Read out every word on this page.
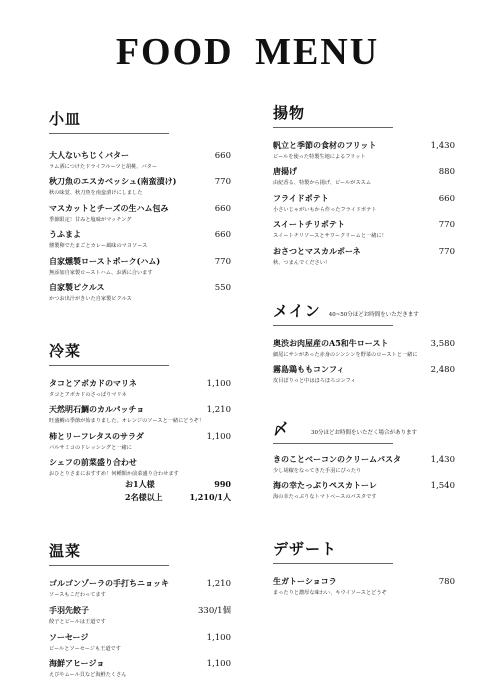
FOOD MENU
小皿
大人ないちじくバター	660
ラム酒につけたドライフルーツと胡桃、バター
秋刀魚のエスカベッシュ(南蛮漬け)	770
秋の味覚、秋刀魚を南蛮漬けにしました
マスカットとチーズの生ハム包み	660
季節限定！甘みと塩味がマッチング
うふまよ	660
燻製卵でたまごとカレー風味のマヨソース
自家燻製ローストポーク(ハム)	770
無添加自家製ローストハム、お酒に合います
自家製ピクルス	550
かつお出汁がきいた自家製ピクルス
冷菜
タコとアボカドのマリネ	1,100
タコとアボカドのさっぱりマリネ
天然明石鯛のカルパッチョ	1,210
旺盛鯛の季節が始まりました。オレンジのソースと一緒にどうぞ！
柿とリーフレタスのサラダ	1,100
バルサミコのドレッシングと一緒に
シェフの前菜盛り合わせ
おひとりさまにおすすめ！何種類か前菜盛り合わせます
お1人様	990
2名様以上	1,210/1人
温菜
ゴルゴンゾーラの手打ちニョッキ	1,210
ソースもこだわってます
手羽先餃子	330/1個
餃子とビールは王道です
ソーセージ	1,100
ビールとソーセージも王道です
海鮮アヒージョ	1,100
えびやムール貝など海鮮たくさん
揚物
帆立と季節の食材のフリット	1,430
ビールを使った特製生地によるフリット
唐揚げ	880
由紀香る、特製から揚げ、ビールがススム
フライドポテト	660
小さいじゃがいもから作ったフライドポテト
スイートチリポテト	770
スイートチリソースとサワークリームと一緒に！
おさつとマスカルポーネ	770
秋、つまんでください！
メイン 40~50分ほどお時間をいただきます
奥渋お肉屋産のA5和牛ロースト	3,580
細尾にサシがあった赤身のシンシンを野菜のローストと一緒に
霧島鶏ももコンフィ	2,480
皮目ぱりっと中はほろほろコンフィ
〆	30分ほどお時間をいただく場合があります
きのことベーコンのクリームパスタ	1,430
少し胡椒をなってきた手羽にぴったり
海の幸たっぷりペスカトーレ	1,540
海の幸たっぷりなトマトベースのパスタです
デザート
生ガトーショコラ	780
まったりと濃厚な味わい、キウイソースとどうぞ
